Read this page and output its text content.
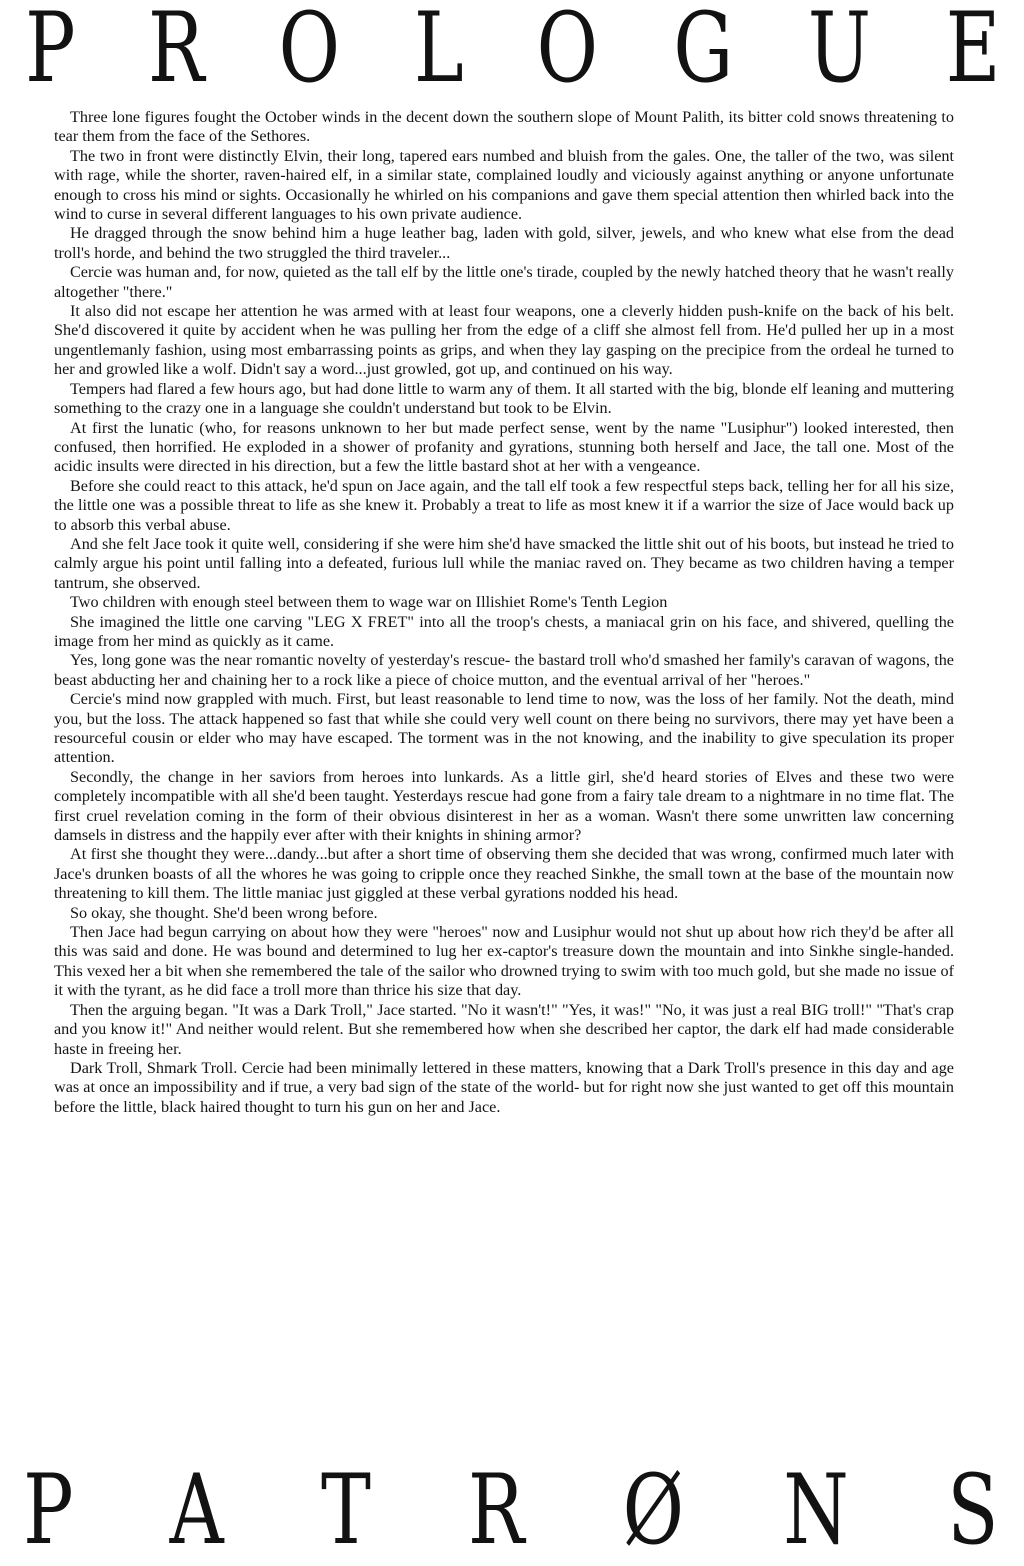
P R O L O G U E

Three lone figures fought the October winds in the decent down the southern slope of Mount Palith, its bitter cold snows threatening to tear them from the face of the Sethores.

The two in front were distinctly Elvin, their long, tapered ears numbed and bluish from the gales. One, the taller of the two, was silent with rage, while the shorter, raven-haired elf, in a similar state, complained loudly and viciously against anything or anyone unfortunate enough to cross his mind or sights. Occasionally he whirled on his companions and gave them special attention then whirled back into the wind to curse in several different languages to his own private audience.

He dragged through the snow behind him a huge leather bag, laden with gold, silver, jewels, and who knew what else from the dead troll's horde, and behind the two struggled the third traveler...

Cercie was human and, for now, quieted as the tall elf by the little one's tirade, coupled by the newly hatched theory that he wasn't really altogether "there."

It also did not escape her attention he was armed with at least four weapons, one a cleverly hidden push-knife on the back of his belt. She'd discovered it quite by accident when he was pulling her from the edge of a cliff she almost fell from. He'd pulled her up in a most ungentlemanly fashion, using most embarrassing points as grips, and when they lay gasping on the precipice from the ordeal he turned to her and growled like a wolf. Didn't say a word...just growled, got up, and continued on his way.

Tempers had flared a few hours ago, but had done little to warm any of them. It all started with the big, blonde elf leaning and muttering something to the crazy one in a language she couldn't understand but took to be Elvin.

At first the lunatic (who, for reasons unknown to her but made perfect sense, went by the name "Lusiphur") looked interested, then confused, then horrified. He exploded in a shower of profanity and gyrations, stunning both herself and Jace, the tall one. Most of the acidic insults were directed in his direction, but a few the little bastard shot at her with a vengeance.

Before she could react to this attack, he'd spun on Jace again, and the tall elf took a few respectful steps back, telling her for all his size, the little one was a possible threat to life as she knew it. Probably a treat to life as most knew it if a warrior the size of Jace would back up to absorb this verbal abuse.

And she felt Jace took it quite well, considering if she were him she'd have smacked the little shit out of his boots, but instead he tried to calmly argue his point until falling into a defeated, furious lull while the maniac raved on. They became as two children having a temper tantrum, she observed.

Two children with enough steel between them to wage war on Illishiet Rome's Tenth Legion

She imagined the little one carving "LEG X FRET" into all the troop's chests, a maniacal grin on his face, and shivered, quelling the image from her mind as quickly as it came.

Yes, long gone was the near romantic novelty of yesterday's rescue- the bastard troll who'd smashed her family's caravan of wagons, the beast abducting her and chaining her to a rock like a piece of choice mutton, and the eventual arrival of her "heroes."

Cercie's mind now grappled with much. First, but least reasonable to lend time to now, was the loss of her family. Not the death, mind you, but the loss. The attack happened so fast that while she could very well count on there being no survivors, there may yet have been a resourceful cousin or elder who may have escaped. The torment was in the not knowing, and the inability to give speculation its proper attention.

Secondly, the change in her saviors from heroes into lunkards. As a little girl, she'd heard stories of Elves and these two were completely incompatible with all she'd been taught. Yesterdays rescue had gone from a fairy tale dream to a nightmare in no time flat. The first cruel revelation coming in the form of their obvious disinterest in her as a woman. Wasn't there some unwritten law concerning damsels in distress and the happily ever after with their knights in shining armor?

At first she thought they were...dandy...but after a short time of observing them she decided that was wrong, confirmed much later with Jace's drunken boasts of all the whores he was going to cripple once they reached Sinkhe, the small town at the base of the mountain now threatening to kill them. The little maniac just giggled at these verbal gyrations nodded his head.

So okay, she thought. She'd been wrong before.

Then Jace had begun carrying on about how they were "heroes" now and Lusiphur would not shut up about how rich they'd be after all this was said and done. He was bound and determined to lug her ex-captor's treasure down the mountain and into Sinkhe single-handed. This vexed her a bit when she remembered the tale of the sailor who drowned trying to swim with too much gold, but she made no issue of it with the tyrant, as he did face a troll more than thrice his size that day.

Then the arguing began. "It was a Dark Troll," Jace started. "No it wasn't!" "Yes, it was!" "No, it was just a real BIG troll!" "That's crap and you know it!" And neither would relent. But she remembered how when she described her captor, the dark elf had made considerable haste in freeing her.

Dark Troll, Shmark Troll. Cercie had been minimally lettered in these matters, knowing that a Dark Troll's presence in this day and age was at once an impossibility and if true, a very bad sign of the state of the world- but for right now she just wanted to get off this mountain before the little, black haired thought to turn his gun on her and Jace.

P A T R Ø N S
